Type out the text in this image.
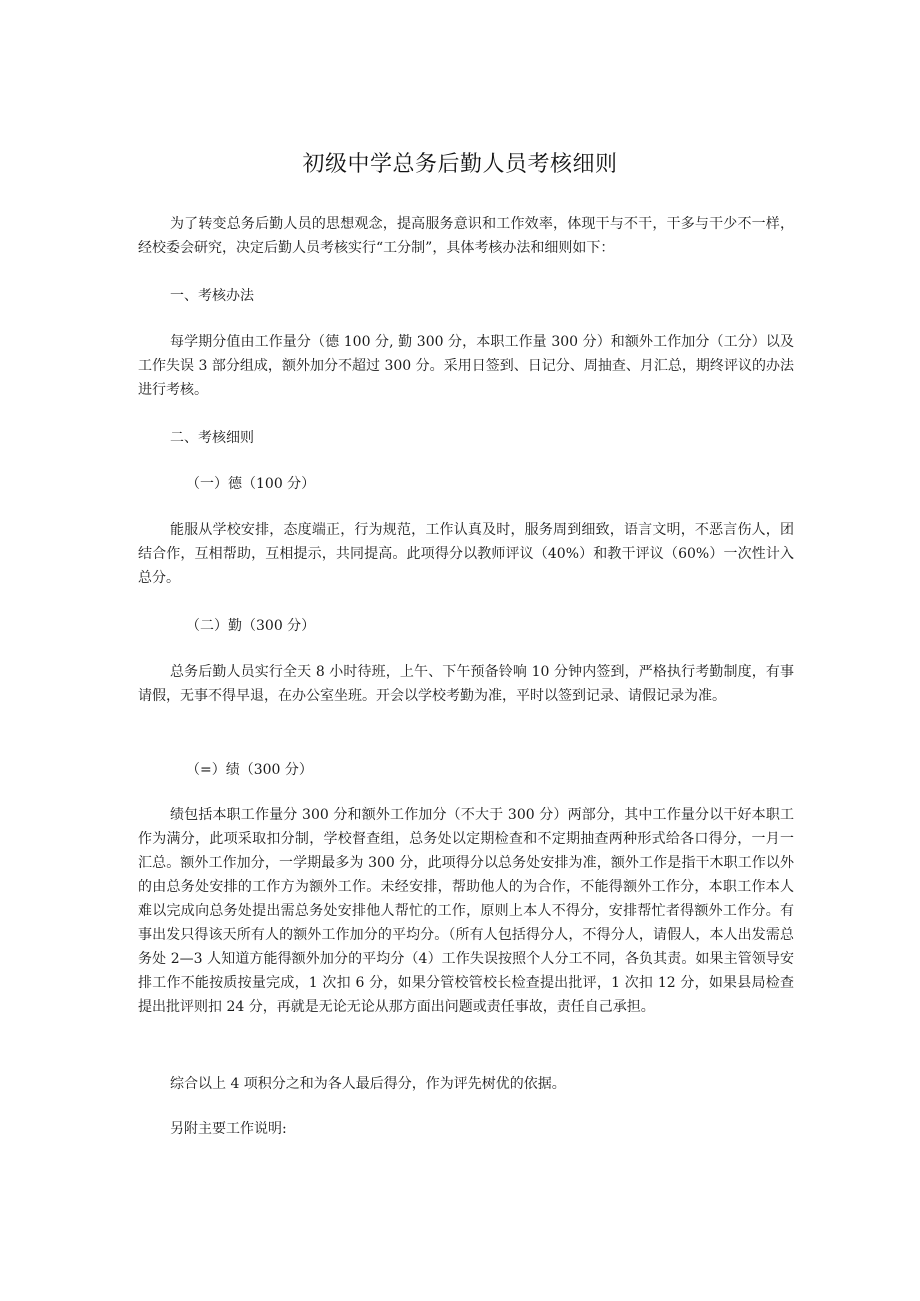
初级中学总务后勤人员考核细则

为了转变总务后勤人员的思想观念，提高服务意识和工作效率，体现干与不干，干多与干少不一样，经校委会研究，决定后勤人员考核实行“工分制”，具体考核办法和细则如下：

一、考核办法

每学期分值由工作量分（德 100 分, 勤 300 分，本职工作量 300 分）和额外工作加分（工分）以及工作失误 3 部分组成，额外加分不超过 300 分。采用日签到、日记分、周抽查、月汇总，期终评议的办法进行考核。

二、考核细则

（一）德（100 分）

能服从学校安排，态度端正，行为规范，工作认真及时，服务周到细致，语言文明，不恶言伤人，团结合作，互相帮助，互相提示，共同提高。此项得分以教师评议（40%）和教干评议（60%）一次性计入总分。

（二）勤（300 分）

总务后勤人员实行全天 8 小时待班，上午、下午预备铃响 10 分钟内签到，严格执行考勤制度，有事请假，无事不得早退，在办公室坐班。开会以学校考勤为准，平时以签到记录、请假记录为准。

（=）绩（300 分）

绩包括本职工作量分 300 分和额外工作加分（不大于 300 分）两部分，其中工作量分以干好本职工作为满分，此项采取扣分制，学校督查组，总务处以定期检查和不定期抽查两种形式给各口得分，一月一汇总。额外工作加分，一学期最多为 300 分，此项得分以总务处安排为准，额外工作是指干木职工作以外的由总务处安排的工作方为额外工作。未经安排，帮助他人的为合作，不能得额外工作分，本职工作本人难以完成向总务处提出需总务处安排他人帮忙的工作，原则上本人不得分，安排帮忙者得额外工作分。有事出发只得该天所有人的额外工作加分的平均分。（所有人包括得分人，不得分人，请假人，本人出发需总务处 2—3 人知道方能得额外加分的平均分（4）工作失误按照个人分工不同，各负其责。如果主管领导安排工作不能按质按量完成，1 次扣 6 分，如果分管校管校长检查提出批评，1 次扣 12 分，如果县局检查提出批评则扣 24 分，再就是无论无论从那方面出问题或责任事故，责任自己承担。

综合以上 4 项积分之和为各人最后得分，作为评先树优的依据。

另附主要工作说明:
